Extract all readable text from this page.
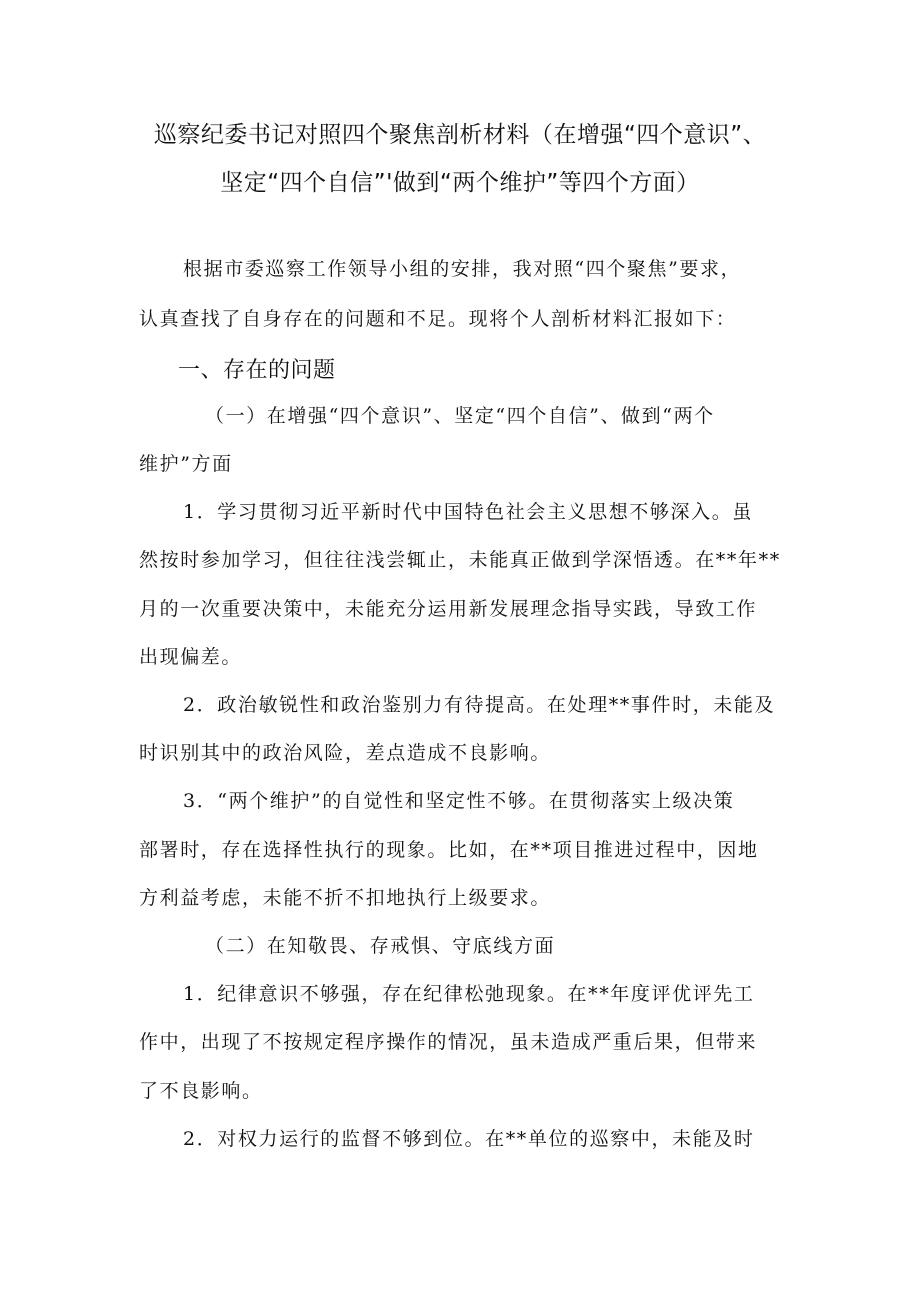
巡察纪委书记对照四个聚焦剖析材料（在增强“四个意识”、
坚定“四个自信”'做到“两个维护”等四个方面）
根据市委巡察工作领导小组的安排，我对照“四个聚焦”要求，
认真查找了自身存在的问题和不足。现将个人剖析材料汇报如下：
一、存在的问题
（一）在增强“四个意识”、坚定“四个自信”、做到“两个
维护”方面
1．学习贯彻习近平新时代中国特色社会主义思想不够深入。虽
然按时参加学习，但往往浅尝辄止，未能真正做到学深悟透。在**年**
月的一次重要决策中，未能充分运用新发展理念指导实践，导致工作
出现偏差。
2．政治敏锐性和政治鉴别力有待提高。在处理**事件时，未能及
时识别其中的政治风险，差点造成不良影响。
3．“两个维护”的自觉性和坚定性不够。在贯彻落实上级决策
部署时，存在选择性执行的现象。比如，在**项目推进过程中，因地
方利益考虑，未能不折不扣地执行上级要求。
（二）在知敬畏、存戒惧、守底线方面
1．纪律意识不够强，存在纪律松弛现象。在**年度评优评先工
作中，出现了不按规定程序操作的情况，虽未造成严重后果，但带来
了不良影响。
2．对权力运行的监督不够到位。在**单位的巡察中，未能及时
